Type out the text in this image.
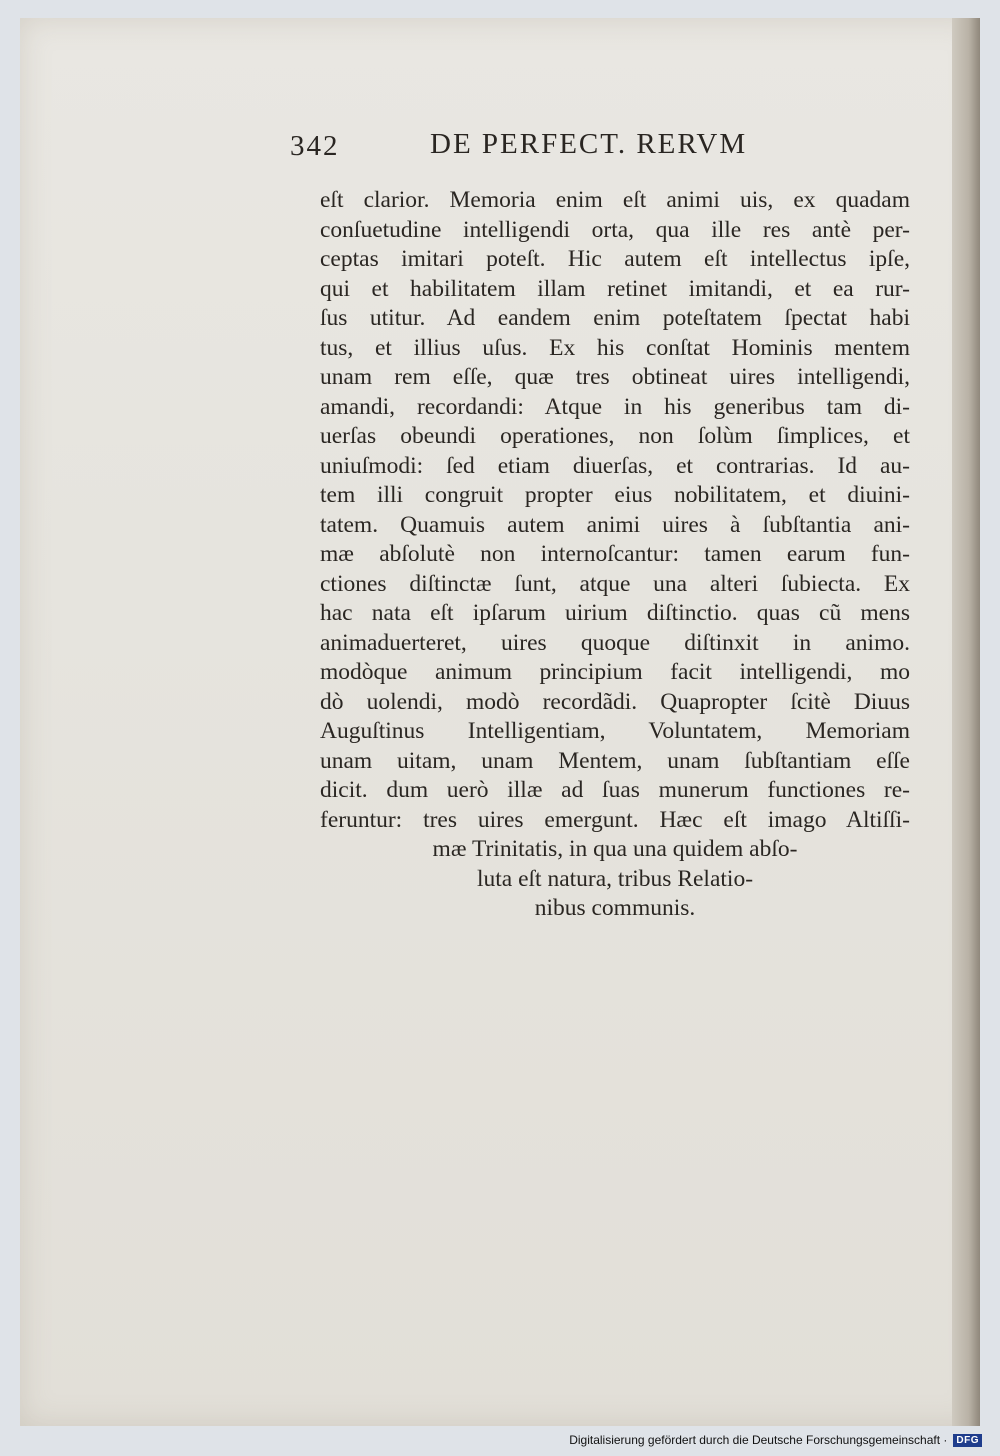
342	DE PERFECT. RERVM
eſt clarior. Memoria enim eſt animi uis, ex quadam
conſuetudine intelligendi orta, qua ille res antè per-
ceptas imitari poteſt. Hic autem eſt intellectus ipſe,
qui et habilitatem illam retinet imitandi, et ea rur-
ſus utitur. Ad eandem enim poteſtatem ſpectat habi
tus, et illius uſus. Ex his conſtat Hominis mentem
unam rem eſſe, quæ tres obtineat uires intelligendi,
amandi, recordandi: Atque in his generibus tam di-
uerſas obeundi operationes, non ſolùm ſimplices, et
uniuſmodi: ſed etiam diuerſas, et contrarias. Id au-
tem illi congruit propter eius nobilitatem, et diuini-
tatem. Quamuis autem animi uires à ſubſtantia ani-
mæ abſolutè non internoſcantur: tamen earum fun-
ctiones diſtinctæ ſunt, atque una alteri ſubiecta. Ex
hac nata eſt ipſarum uirium diſtinctio. quas cũ mens
animaduerteret, uires quoque diſtinxit in animo.
modòque animum principium facit intelligendi, mo
dò uolendi, modò recordãdi. Quapropter ſcitè Diuus
Auguſtinus Intelligentiam, Voluntatem, Memoriam
unam uitam, unam Mentem, unam ſubſtantiam eſſe
dicit. dum uerò illæ ad ſuas munerum functiones re-
feruntur: tres uires emergunt. Hæc eſt imago Altiſſi-
mæ Trinitatis, in qua una quidem abſo-
luta eſt natura, tribus Relatio-
nibus communis.
Digitalisierung gefördert durch die Deutsche Forschungsgemeinschaft · DFG
